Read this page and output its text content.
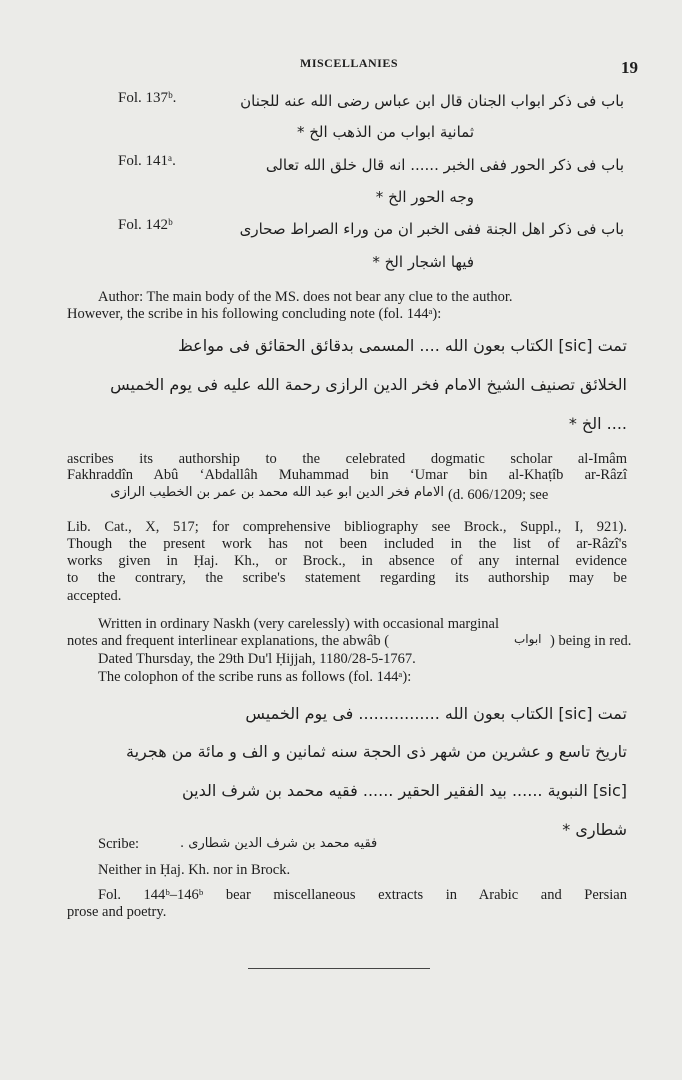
MISCELLANIES	19
Fol. 137ᵇ.	باب فی ذکر ابواب الجنان قال ابن عباس رضی الله عنه للجنان
ثمانیة ابواب من الذهب الخ *
Fol. 141ᵃ.	باب فی ذکر الحور ففی الخبر ...... انه قال خلق الله تعالی
وجه الحور الخ *
Fol. 142ᵇ	باب فی ذکر اهل الجنة ففی الخبر ان من وراء الصراط صحاری
فیها اشجار الخ *
Author: The main body of the MS. does not bear any clue to the author.
However, the scribe in his following concluding note (fol. 144ᵃ):
تمت [sic] الکتاب بعون الله .... المسمی بدقائق الحقائق فی مواعظ
الخلائق تصنیف الشیخ الامام فخر الدین الرازی رحمة الله علیه فی یوم الخمیس
.... الخ *
ascribes its authorship to the celebrated dogmatic scholar al-Imâm
Fakhraddîn Abû ‘Abdallâh Muhammad bin ‘Umar bin al-Khaṭîb ar-Râzî
الامام فخر الدین ابو عبد الله محمد بن عمر بن الخطیب الرازی (d. 606/1209; see
Lib. Cat., X, 517; for comprehensive bibliography see Brock., Suppl., I, 921).
Though the present work has not been included in the list of ar-Râzî's
works given in Ḥaj. Kh., or Brock., in absence of any internal evidence
to the contrary, the scribe's statement regarding its authorship may be
accepted.
Written in ordinary Naskh (very carelessly) with occasional marginal
notes and frequent interlinear explanations, the abwâb (	ابواب ) being in red.
Dated Thursday, the 29th Du'l Ḥijjah, 1180/28-5-1767.
The colophon of the scribe runs as follows (fol. 144ᵃ):
تمت [sic] الکتاب بعون الله ................ فی یوم الخمیس
تاریخ تاسع و عشرین من شهر ذی الحجة سنه ثمانین و الف و مائة من هجریة
[sic] النبویة ...... بید الفقیر الحقیر ...... فقیه محمد بن شرف الدین
شطاری *
Scribe:	فقیه محمد بن شرف الدین شطاری .
Neither in Ḥaj. Kh. nor in Brock.
Fol. 144ᵇ–146ᵇ bear miscellaneous extracts in Arabic and Persian
prose and poetry.
